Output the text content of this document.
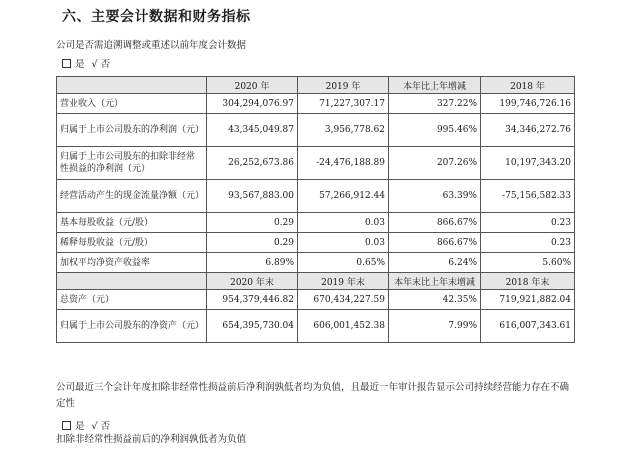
六、主要会计数据和财务指标
公司是否需追溯调整或重述以前年度会计数据
是 √ 否
	2020 年	2019 年	本年比上年增减	2018 年
营业收入（元）	304,294,076.97	71,227,307.17	327.22%	199,746,726.16
归属于上市公司股东的净利润（元）	43,345,049.87	3,956,778.62	995.46%	34,346,272.76
归属于上市公司股东的扣除非经常性损益的净利润（元）	26,252,673.86	-24,476,188.89	207.26%	10,197,343.20
经营活动产生的现金流量净额（元）	93,567,883.00	57,266,912.44	63.39%	-75,156,582.33
基本每股收益（元/股）	0.29	0.03	866.67%	0.23
稀释每股收益（元/股）	0.29	0.03	866.67%	0.23
加权平均净资产收益率	6.89%	0.65%	6.24%	5.60%
	2020 年末	2019 年末	本年末比上年末增减	2018 年末
总资产（元）	954,379,446.82	670,434,227.59	42.35%	719,921,882.04
归属于上市公司股东的净资产（元）	654,395,730.04	606,001,452.38	7.99%	616,007,343.61
公司最近三个会计年度扣除非经常性损益前后净利润孰低者均为负值，且最近一年审计报告显示公司持续经营能力存在不确定性
是 √ 否
扣除非经常性损益前后的净利润孰低者为负值
